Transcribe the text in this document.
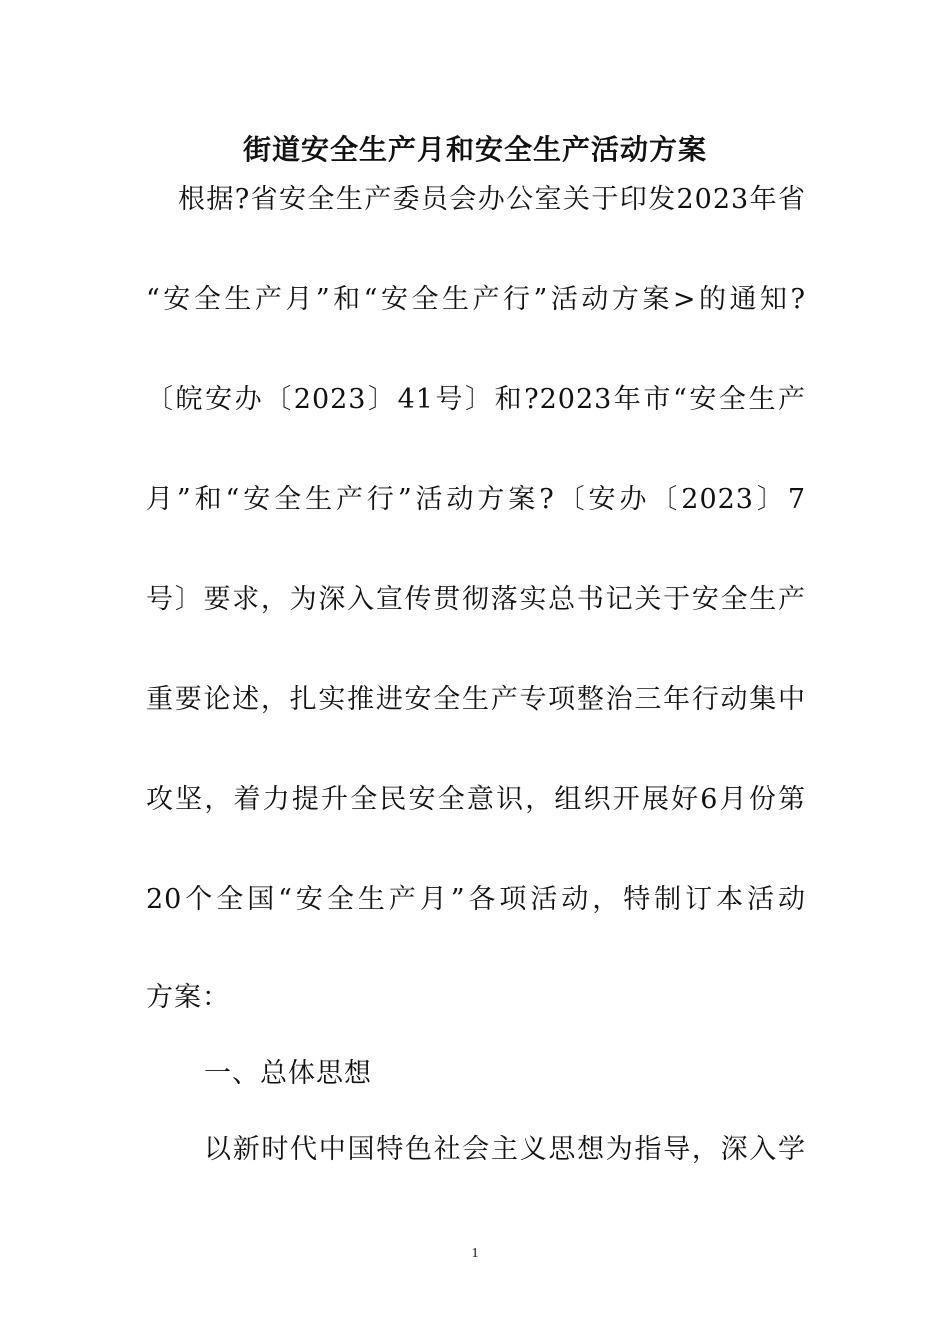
街道安全生产月和安全生产活动方案
根据?省安全生产委员会办公室关于印发2023年省
“安全生产月”和“安全生产行”活动方案>的通知?
〔皖安办〔2023〕41号〕和?2023年市“安全生产
月”和“安全生产行”活动方案?〔安办〔2023〕7
号〕要求，为深入宣传贯彻落实总书记关于安全生产
重要论述，扎实推进安全生产专项整治三年行动集中
攻坚，着力提升全民安全意识，组织开展好6月份第
20个全国“安全生产月”各项活动，特制订本活动
方案：
一、总体思想
以新时代中国特色社会主义思想为指导，深入学
1
